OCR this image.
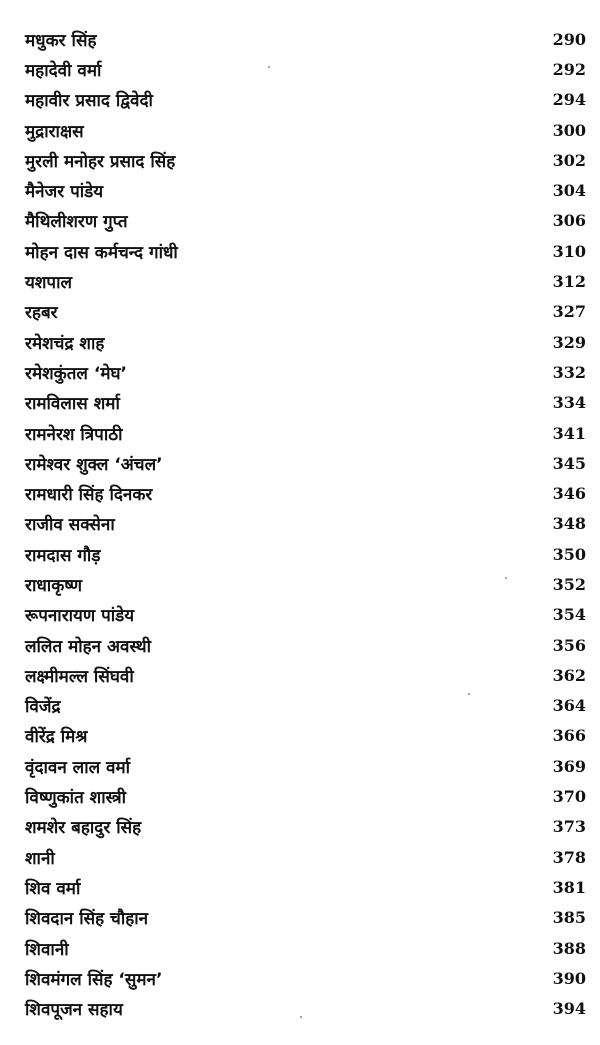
मधुकर सिंह	290
महादेवी वर्मा	292
महावीर प्रसाद द्विवेदी	294
मुद्राराक्षस	300
मुरली मनोहर प्रसाद सिंह	302
मैनेजर पांडेय	304
मैथिलीशरण गुप्त	306
मोहन दास कर्मचन्द गांधी	310
यशपाल	312
रहबर	327
रमेशचंद्र शाह	329
रमेशकुंतल ‘मेघ’	332
रामविलास शर्मा	334
रामनेरश त्रिपाठी	341
रामेश्वर शुक्ल ‘अंचल’	345
रामधारी सिंह दिनकर	346
राजीव सक्सेना	348
रामदास गौड़	350
राधाकृष्ण	352
रूपनारायण पांडेय	354
ललित मोहन अवस्थी	356
लक्ष्मीमल्ल सिंघवी	362
विजेंद्र	364
वीरेंद्र मिश्र	366
वृंदावन लाल वर्मा	369
विष्णुकांत शास्त्री	370
शमशेर बहादुर सिंह	373
शानी	378
शिव वर्मा	381
शिवदान सिंह चौहान	385
शिवानी	388
शिवमंगल सिंह ‘सुमन’	390
शिवपूजन सहाय	394
